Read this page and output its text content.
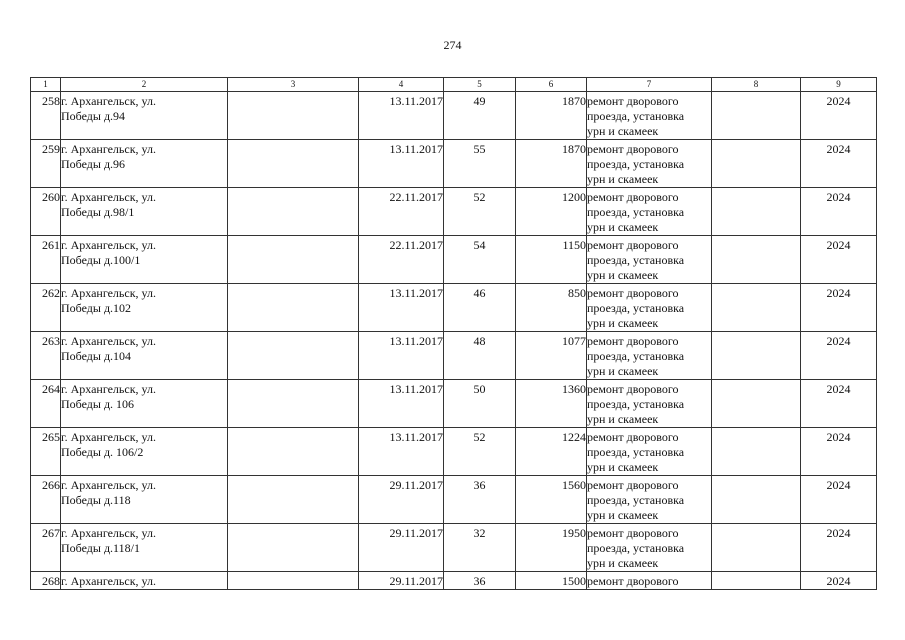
274
1	2	3	4	5	6	7	8	9
258	г. Архангельск, ул.
Победы д.94		13.11.2017	49	1870	ремонт дворового
проезда, установка
урн и скамеек		2024
259	г. Архангельск, ул.
Победы д.96		13.11.2017	55	1870	ремонт дворового
проезда, установка
урн и скамеек		2024
260	г. Архангельск, ул.
Победы д.98/1		22.11.2017	52	1200	ремонт дворового
проезда, установка
урн и скамеек		2024
261	г. Архангельск, ул.
Победы д.100/1		22.11.2017	54	1150	ремонт дворового
проезда, установка
урн и скамеек		2024
262	г. Архангельск, ул.
Победы д.102		13.11.2017	46	850	ремонт дворового
проезда, установка
урн и скамеек		2024
263	г. Архангельск, ул.
Победы д.104		13.11.2017	48	1077	ремонт дворового
проезда, установка
урн и скамеек		2024
264	г. Архангельск, ул.
Победы д. 106		13.11.2017	50	1360	ремонт дворового
проезда, установка
урн и скамеек		2024
265	г. Архангельск, ул.
Победы д. 106/2		13.11.2017	52	1224	ремонт дворового
проезда, установка
урн и скамеек		2024
266	г. Архангельск, ул.
Победы д.118		29.11.2017	36	1560	ремонт дворового
проезда, установка
урн и скамеек		2024
267	г. Архангельск, ул.
Победы д.118/1		29.11.2017	32	1950	ремонт дворового
проезда, установка
урн и скамеек		2024
268	г. Архангельск, ул.		29.11.2017	36	1500	ремонт дворового		2024
